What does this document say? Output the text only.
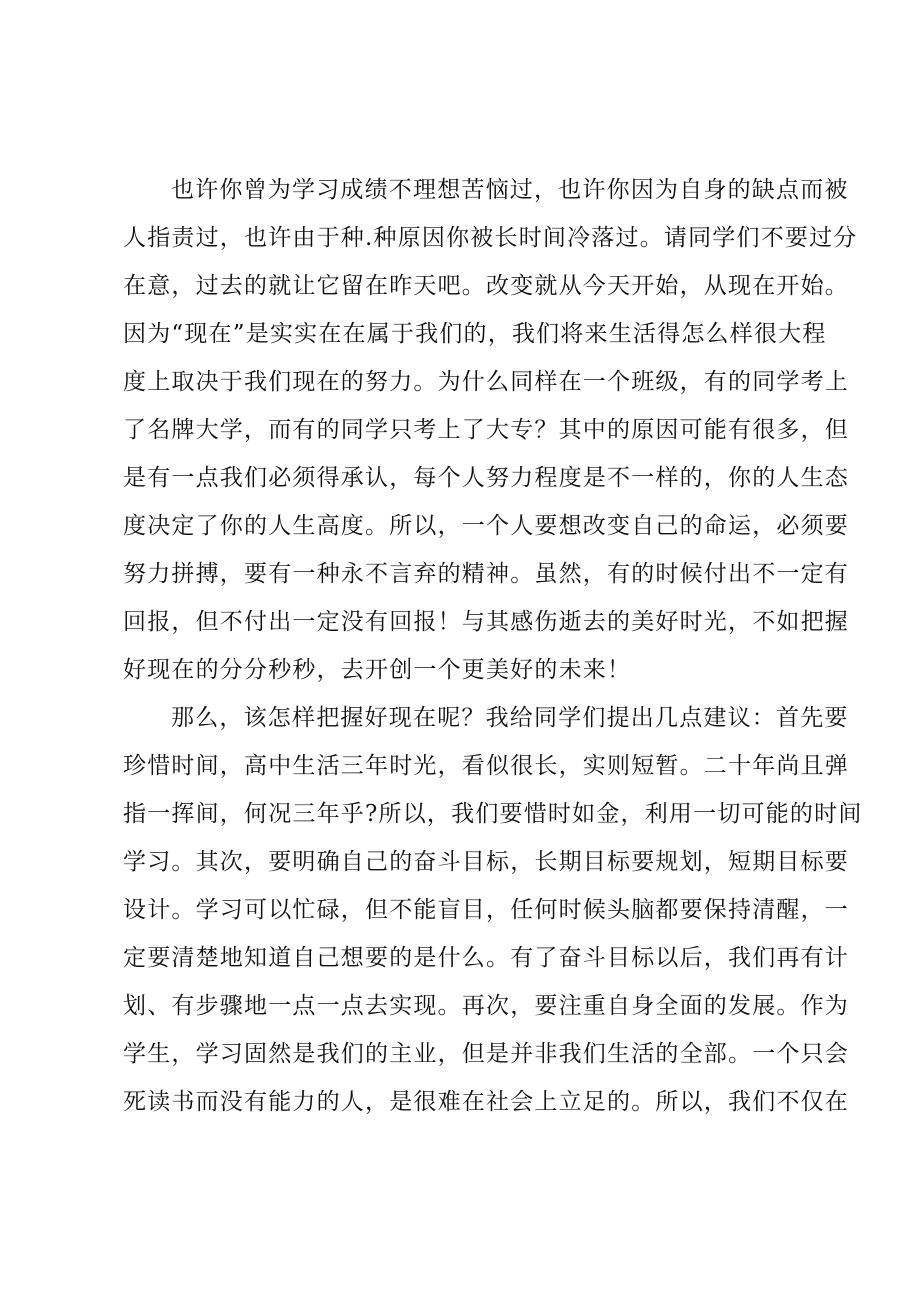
也许你曾为学习成绩不理想苦恼过，也许你因为自身的缺点而被
人指责过，也许由于种.种原因你被长时间冷落过。请同学们不要过分
在意，过去的就让它留在昨天吧。改变就从今天开始，从现在开始。
因为“现在”是实实在在属于我们的，我们将来生活得怎么样很大程
度上取决于我们现在的努力。为什么同样在一个班级，有的同学考上
了名牌大学，而有的同学只考上了大专？其中的原因可能有很多，但
是有一点我们必须得承认，每个人努力程度是不一样的，你的人生态
度决定了你的人生高度。所以，一个人要想改变自己的命运，必须要
努力拼搏，要有一种永不言弃的精神。虽然，有的时候付出不一定有
回报，但不付出一定没有回报！与其感伤逝去的美好时光，不如把握
好现在的分分秒秒，去开创一个更美好的未来！
那么，该怎样把握好现在呢？我给同学们提出几点建议：首先要
珍惜时间，高中生活三年时光，看似很长，实则短暂。二十年尚且弹
指一挥间，何况三年乎?所以，我们要惜时如金，利用一切可能的时间
学习。其次，要明确自己的奋斗目标，长期目标要规划，短期目标要
设计。学习可以忙碌，但不能盲目，任何时候头脑都要保持清醒，一
定要清楚地知道自己想要的是什么。有了奋斗目标以后，我们再有计
划、有步骤地一点一点去实现。再次，要注重自身全面的发展。作为
学生，学习固然是我们的主业，但是并非我们生活的全部。一个只会
死读书而没有能力的人，是很难在社会上立足的。所以，我们不仅在
